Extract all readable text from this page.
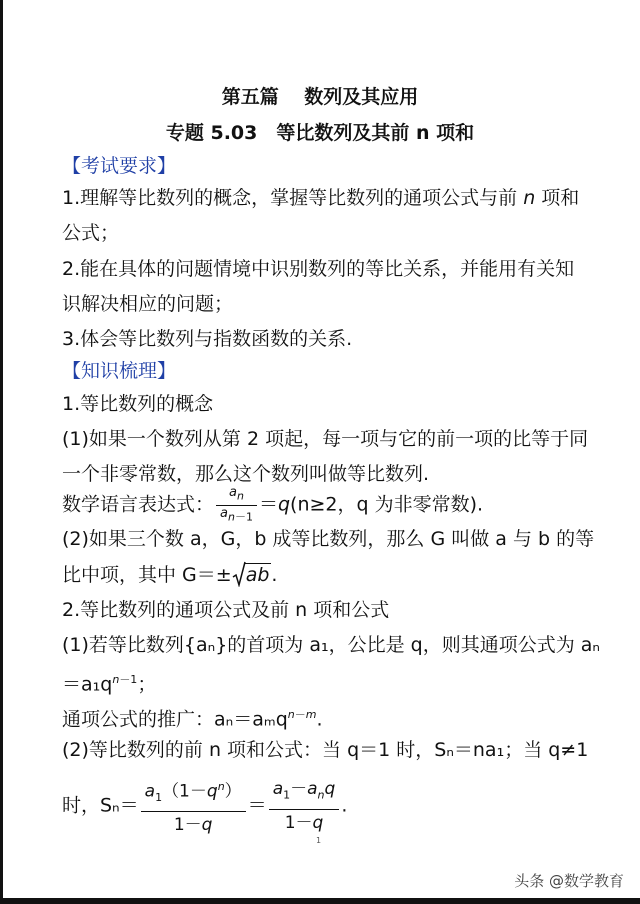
第五篇　 数列及其应用
专题 5.03　等比数列及其前 n 项和
【考试要求】
1.理解等比数列的概念，掌握等比数列的通项公式与前 n 项和
公式；
2.能在具体的问题情境中识别数列的等比关系，并能用有关知
识解决相应的问题；
3.体会等比数列与指数函数的关系.
【知识梳理】
1.等比数列的概念
(1)如果一个数列从第 2 项起，每一项与它的前一项的比等于同
一个非零常数，那么这个数列叫做等比数列.
数学语言表达式： $\frac{a_n}{a_{n-1}} =q(n\ge 2$，q 为非零常数).
(2)如果三个数 a，G，b 成等比数列，那么 G 叫做 a 与 b 的等
比中项，其中 G＝± ab .
2.等比数列的通项公式及前 n 项和公式
(1)若等比数列{aₙ}的首项为 a₁，公比是 q，则其通项公式为 aₙ
$=a_1q^{n-1}$；
通项公式的推广：aₙ＝aₘq$^{n-m}$.
(2)等比数列的前 n 项和公式：当 q＝1 时，Sₙ＝na₁；当 q≠1
时，$S_n= \frac{a_1(1-q^n)}{1-q} = \frac{a_1-a_nq}{1-q}$ .
1
头条 @数学教育
